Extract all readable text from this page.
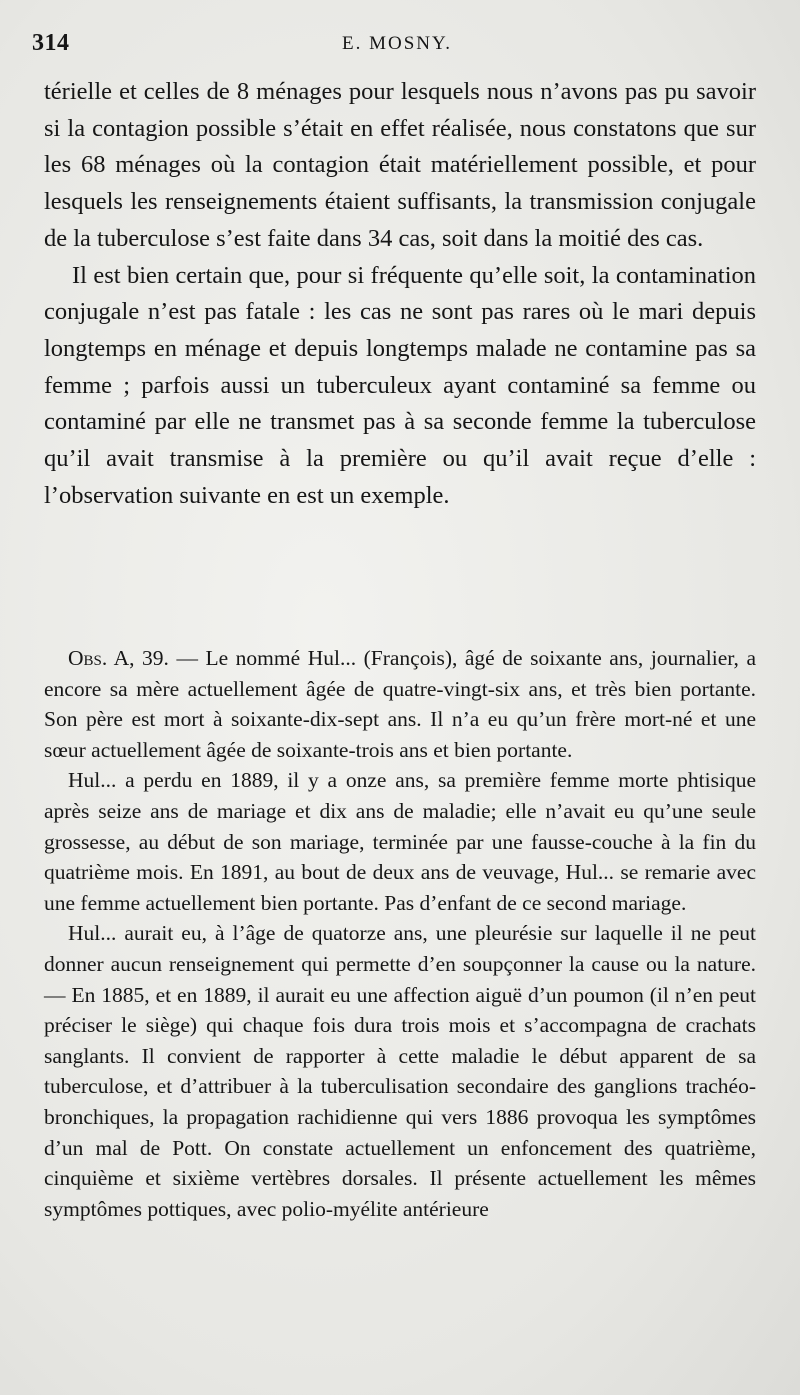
314	E. MOSNY.

térielle et celles de 8 ménages pour lesquels nous n’avons pas pu savoir si la contagion possible s’était en effet réalisée, nous constatons que sur les 68 ménages où la contagion était matériellement possible, et pour lesquels les renseignements étaient suffisants, la transmission conjugale de la tuberculose s’est faite dans 34 cas, soit dans la moitié des cas.

Il est bien certain que, pour si fréquente qu’elle soit, la contamination conjugale n’est pas fatale : les cas ne sont pas rares où le mari depuis longtemps en ménage et depuis longtemps malade ne contamine pas sa femme ; parfois aussi un tuberculeux ayant contaminé sa femme ou contaminé par elle ne transmet pas à sa seconde femme la tuberculose qu’il avait transmise à la première ou qu’il avait reçue d’elle : l’observation suivante en est un exemple.

Obs. A, 39. — Le nommé Hul... (François), âgé de soixante ans, journalier, a encore sa mère actuellement âgée de quatre-vingt-six ans, et très bien portante. Son père est mort à soixante-dix-sept ans. Il n’a eu qu’un frère mort-né et une sœur actuellement âgée de soixante-trois ans et bien portante.

Hul... a perdu en 1889, il y a onze ans, sa première femme morte phtisique après seize ans de mariage et dix ans de maladie; elle n’avait eu qu’une seule grossesse, au début de son mariage, terminée par une fausse-couche à la fin du quatrième mois. En 1891, au bout de deux ans de veuvage, Hul... se remarie avec une femme actuellement bien portante. Pas d’enfant de ce second mariage.

Hul... aurait eu, à l’âge de quatorze ans, une pleurésie sur laquelle il ne peut donner aucun renseignement qui permette d’en soupçonner la cause ou la nature. — En 1885, et en 1889, il aurait eu une affection aiguë d’un poumon (il n’en peut préciser le siège) qui chaque fois dura trois mois et s’accompagna de crachats sanglants. Il convient de rapporter à cette maladie le début apparent de sa tuberculose, et d’attribuer à la tuberculisation secondaire des ganglions trachéo-bronchiques, la propagation rachidienne qui vers 1886 provoqua les symptômes d’un mal de Pott. On constate actuellement un enfoncement des quatrième, cinquième et sixième vertèbres dorsales. Il présente actuellement les mêmes symptômes pottiques, avec polio-myélite antérieure
